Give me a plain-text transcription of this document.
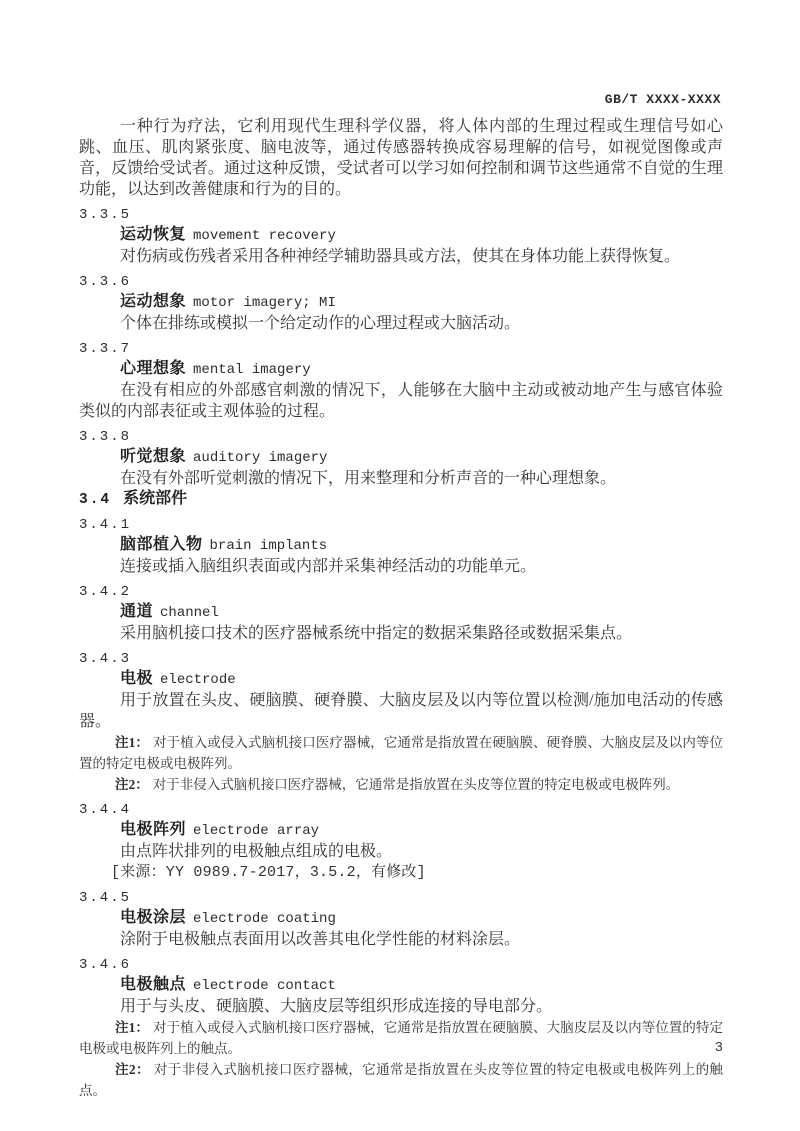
GB/T XXXX-XXXX

一种行为疗法，它利用现代生理科学仪器，将人体内部的生理过程或生理信号如心跳、血压、肌肉紧张度、脑电波等，通过传感器转换成容易理解的信号，如视觉图像或声音，反馈给受试者。通过这种反馈，受试者可以学习如何控制和调节这些通常不自觉的生理功能，以达到改善健康和行为的目的。

3.3.5

运动恢复 movement recovery

对伤病或伤残者采用各种神经学辅助器具或方法，使其在身体功能上获得恢复。

3.3.6

运动想象 motor imagery; MI

个体在排练或模拟一个给定动作的心理过程或大脑活动。

3.3.7

心理想象 mental imagery

在没有相应的外部感官刺激的情况下，人能够在大脑中主动或被动地产生与感官体验类似的内部表征或主观体验的过程。

3.3.8

听觉想象 auditory imagery

在没有外部听觉刺激的情况下，用来整理和分析声音的一种心理想象。

3.4 系统部件

3.4.1

脑部植入物 brain implants

连接或插入脑组织表面或内部并采集神经活动的功能单元。

3.4.2

通道 channel

采用脑机接口技术的医疗器械系统中指定的数据采集路径或数据采集点。

3.4.3

电极 electrode

用于放置在头皮、硬脑膜、硬脊膜、大脑皮层及以内等位置以检测/施加电活动的传感器。

注1： 对于植入或侵入式脑机接口医疗器械，它通常是指放置在硬脑膜、硬脊膜、大脑皮层及以内等位置的特定电极或电极阵列。

注2： 对于非侵入式脑机接口医疗器械，它通常是指放置在头皮等位置的特定电极或电极阵列。

3.4.4

电极阵列 electrode array

由点阵状排列的电极触点组成的电极。

[来源：YY 0989.7-2017，3.5.2，有修改]

3.4.5

电极涂层 electrode coating

涂附于电极触点表面用以改善其电化学性能的材料涂层。

3.4.6

电极触点 electrode contact

用于与头皮、硬脑膜、大脑皮层等组织形成连接的导电部分。

注1： 对于植入或侵入式脑机接口医疗器械，它通常是指放置在硬脑膜、大脑皮层及以内等位置的特定电极或电极阵列上的触点。

注2： 对于非侵入式脑机接口医疗器械，它通常是指放置在头皮等位置的特定电极或电极阵列上的触点。

3
